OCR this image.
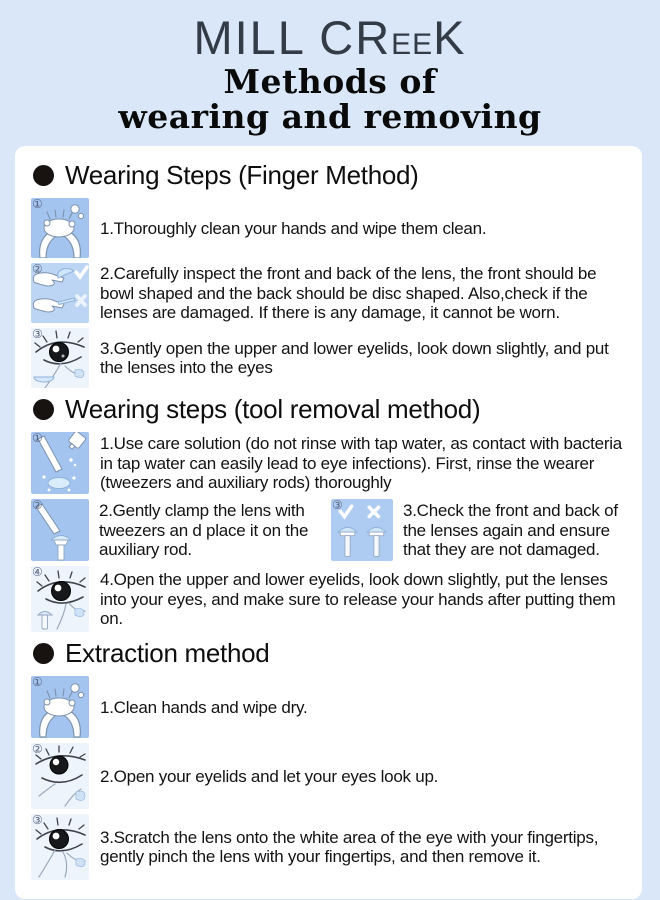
MILL CREEK
Methods of
wearing and removing
Wearing Steps (Finger Method)
①
1.Thoroughly clean your hands and wipe them clean.
②	2.Carefully inspect the front and back of the lens, the front should be bowl shaped and the back should be disc shaped. Also,check if the lenses are damaged. If there is any damage, it cannot be worn.
③
3.Gently open the upper and lower eyelids, look down slightly, and put the lenses into the eyes
Wearing steps (tool removal method)
①	1.Use care solution (do not rinse with tap water, as contact with bacteria in tap water can easily lead to eye infections). First, rinse the wearer (tweezers and auxiliary rods) thoroughly
②	2.Gently clamp the lens with tweezers an d place it on the auxiliary rod.
③	3.Check the front and back of the lenses again and ensure that they are not damaged.
④	4.Open the upper and lower eyelids, look down slightly, put the lenses into your eyes, and make sure to release your hands after putting them on.
Extraction method
①
1.Clean hands and wipe dry.
②
2.Open your eyelids and let your eyes look up.
③
3.Scratch the lens onto the white area of the eye with your fingertips, gently pinch the lens with your fingertips, and then remove it.
